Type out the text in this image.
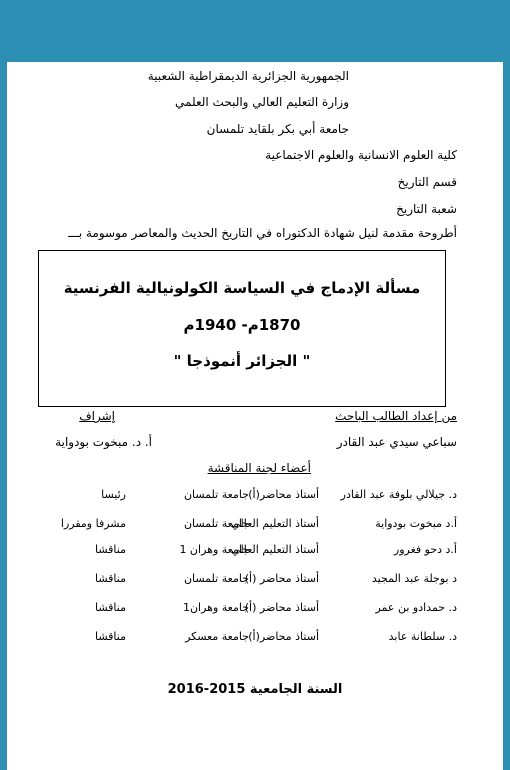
الجمهورية الجزائرية الديمقراطية الشعبية
وزارة التعليم العالي والبحث العلمي
جامعة أبي بكر بلقايد تلمسان
كلية العلوم الانسانية والعلوم الاجتماعية
قسم التاريخ
شعبة التاريخ
أطروحة مقدمة لنيل شهادة الدكتوراه في التاريخ الحديث والمعاصر موسومة بـــ
مسألة الإدماج في السياسة الكولونيالية الفرنسية
1870م- 1940م
" الجزائر أنموذجا "
من إعداد الطالب الباحث
إشراف
سباعي سيدي عبد القادر
أ. د. مبخوت بودواية
أعضاء لجنة المناقشة
د. جيلالي بلوفة عبد القادر
أستاذ محاضر(أ)
جامعة تلمسان
رئيسا
أ.د مبخوت بودواية
أستاذ التعليم العالي
جامعة تلمسان
مشرفا ومقررا
أ.د دحو فغرور
أستاذ التعليم العالي
جامعة وهران 1
مناقشا
د بوجلة عبد المجيد
أستاذ محاضر (أ)
جامعة تلمسان
مناقشا
د. حمدادو بن عمر
أستاذ محاضر (أ)
جامعة وهران1
مناقشا
د. سلطانة عابد
أستاذ محاضر(أ)
جامعة معسكر
مناقشا
السنة الجامعية 2015-2016
